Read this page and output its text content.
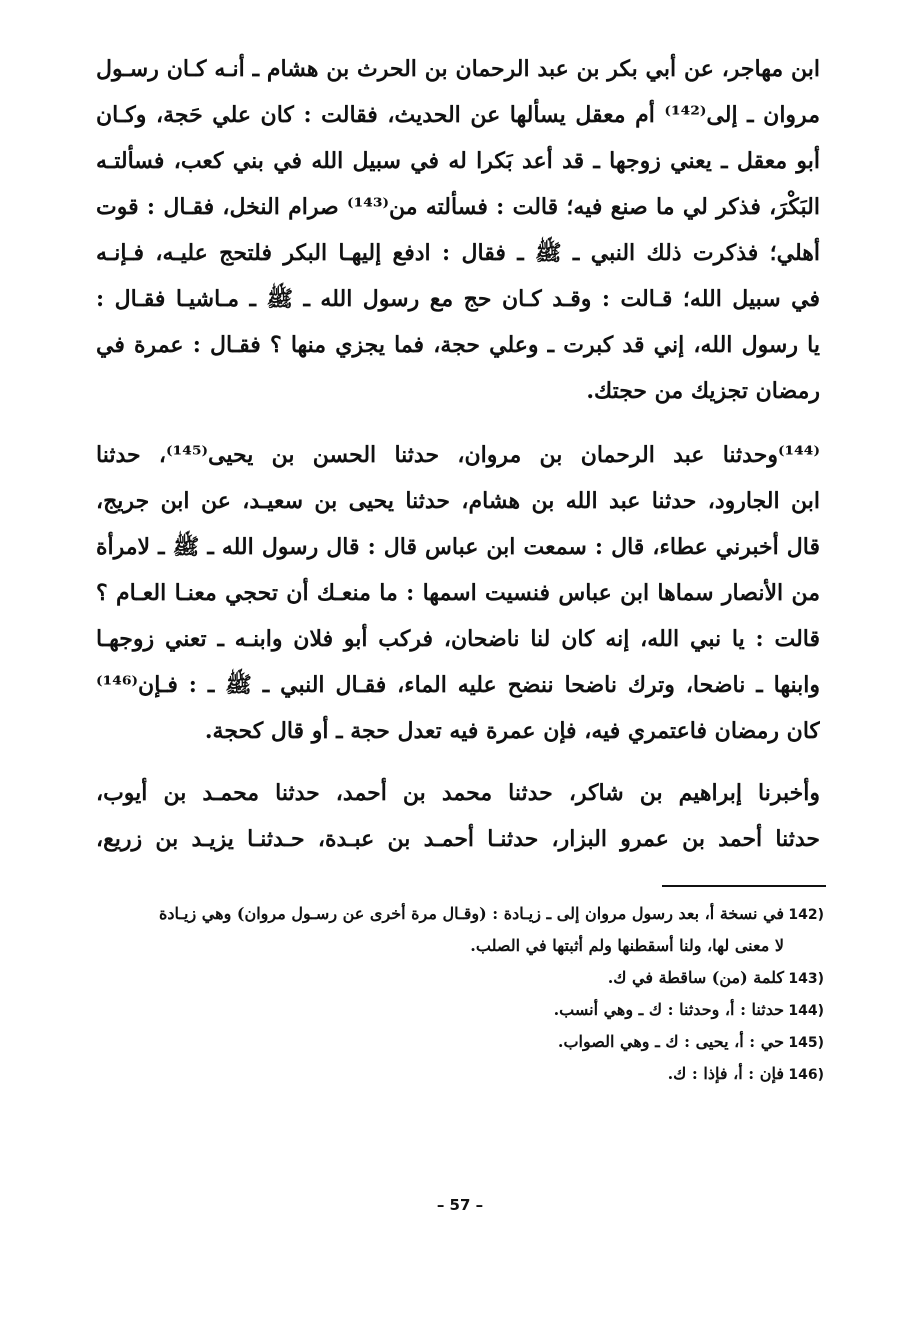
ابن مهاجر، عن أبي بكر بن عبد الرحمان بن الحرث بن هشام ـ أنـه كـان رسـول
مروان ـ إلى⁽¹⁴²⁾ أم معقل يسألها عن الحديث، فقالت : كان علي حَجة، وكـان
أبو معقل ـ يعني زوجها ـ قد أعد بَكرا له في سبيل الله في بني كعب، فسألتـه
البَكْرَ، فذكر لي ما صنع فيه؛ قالت : فسألته من⁽¹⁴³⁾ صرام النخل، فقـال : قوت
أهلي؛ فذكرت ذلك النبي ـ ﷺ ـ فقال : ادفع إليهـا البكر فلتحج عليـه، فـإنـه
في سبيل الله؛ قـالت : وقـد كـان حج مع رسول الله ـ ﷺ ـ مـاشيـا فقـال :
يا رسول الله، إني قد كبرت ـ وعلي حجة، فما يجزي منها ؟ فقـال : عمرة في
رمضان تجزيك من حجتك.
⁽¹⁴⁴⁾وحدثنا عبد الرحمان بن مروان، حدثنا الحسن بن يحيى⁽¹⁴⁵⁾، حدثنا
ابن الجارود، حدثنا عبد الله بن هشام، حدثنا يحيى بن سعيـد، عن ابن جريج،
قال أخبرني عطاء، قال : سمعت ابن عباس قال : قال رسول الله ـ ﷺ ـ لامرأة
من الأنصار سماها ابن عباس فنسيت اسمها : ما منعـك أن تحجي معنـا العـام ؟
قالت : يا نبي الله، إنه كان لنا ناضحان، فركب أبو فلان وابنـه ـ تعني زوجهـا
وابنها ـ ناضحا، وترك ناضحا ننضح عليه الماء، فقـال النبي ـ ﷺ ـ : فـإن⁽¹⁴⁶⁾
كان رمضان فاعتمري فيه، فإن عمرة فيه تعدل حجة ـ أو قال كحجة.
وأخبرنا إبراهيم بن شاكر، حدثنا محمد بن أحمد، حدثنا محمـد بن أيوب،
حدثنا أحمد بن عمرو البزار، حدثنـا أحمـد بن عبـدة، حـدثنـا يزيـد بن زريع،
142)في نسخة أ، بعد رسول مروان إلى ـ زيـادة : (وقـال مرة أخرى عن رسـول مروان) وهي زيـادة
لا معنى لها، ولنا أسقطنها ولم أثبتها في الصلب.
143)كلمة (من) ساقطة في ك.
144)حدثنا : أ، وحدثنا : ك ـ وهي أنسب.
145)حي : أ، يحيى : ك ـ وهي الصواب.
146)فإن : أ، فإذا : ك.
– 57 –
